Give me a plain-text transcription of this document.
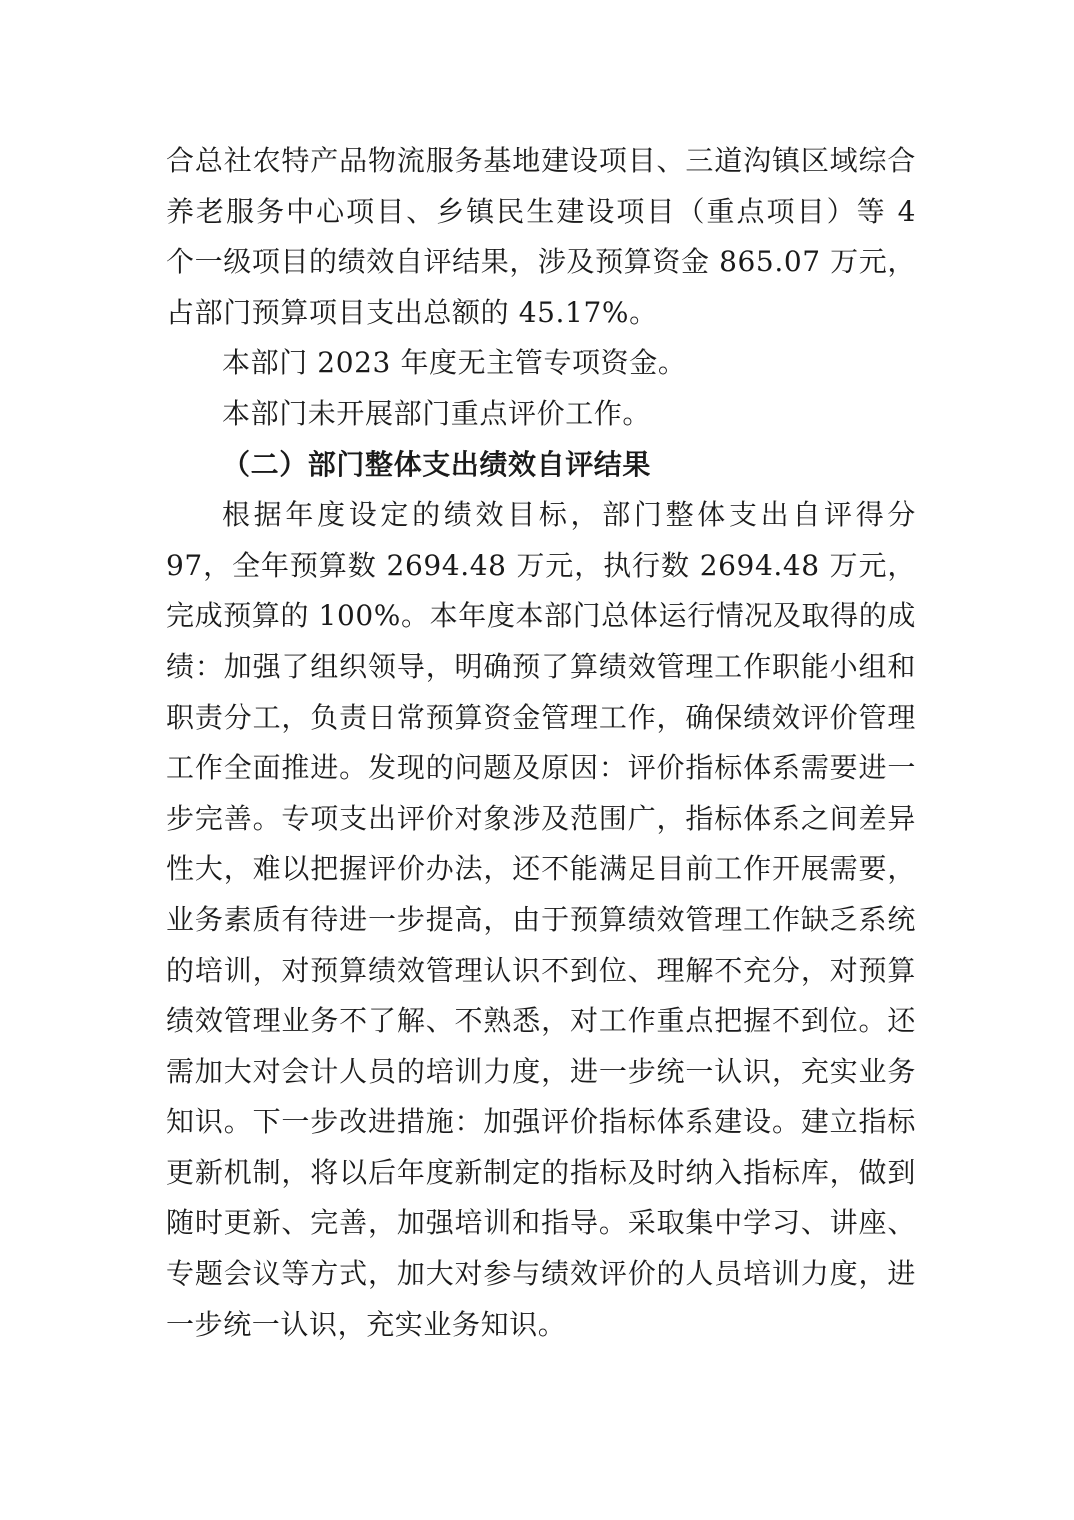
合总社农特产品物流服务基地建设项目、三道沟镇区域综合养老服务中心项目、乡镇民生建设项目（重点项目）等 4 个一级项目的绩效自评结果，涉及预算资金 865.07 万元，占部门预算项目支出总额的 45.17%。

本部门 2023 年度无主管专项资金。

本部门未开展部门重点评价工作。

（二）部门整体支出绩效自评结果

根据年度设定的绩效目标，部门整体支出自评得分 97，全年预算数 2694.48 万元，执行数 2694.48 万元，完成预算的 100%。本年度本部门总体运行情况及取得的成绩：加强了组织领导，明确预了算绩效管理工作职能小组和职责分工，负责日常预算资金管理工作，确保绩效评价管理工作全面推进。发现的问题及原因：评价指标体系需要进一步完善。专项支出评价对象涉及范围广，指标体系之间差异性大，难以把握评价办法，还不能满足目前工作开展需要，业务素质有待进一步提高，由于预算绩效管理工作缺乏系统的培训，对预算绩效管理认识不到位、理解不充分，对预算绩效管理业务不了解、不熟悉，对工作重点把握不到位。还需加大对会计人员的培训力度，进一步统一认识，充实业务知识。下一步改进措施：加强评价指标体系建设。建立指标更新机制，将以后年度新制定的指标及时纳入指标库，做到随时更新、完善，加强培训和指导。采取集中学习、讲座、专题会议等方式，加大对参与绩效评价的人员培训力度，进一步统一认识，充实业务知识。
